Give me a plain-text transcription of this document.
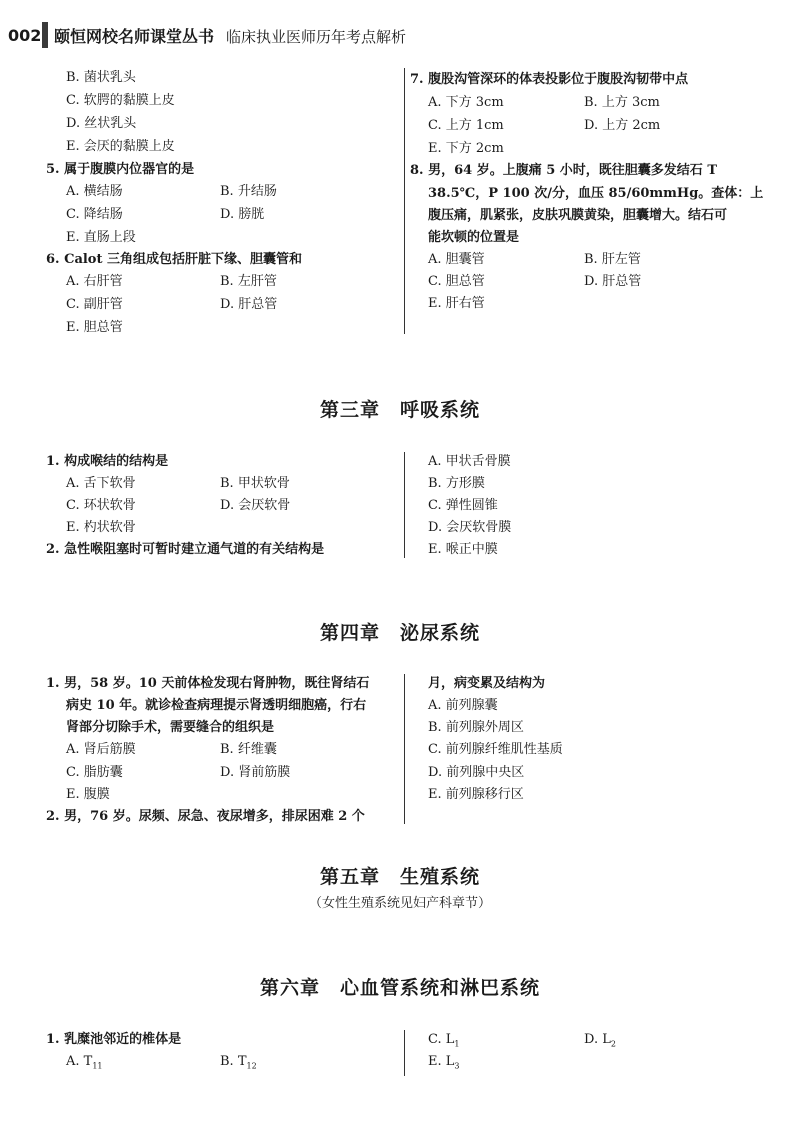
002 颐恒网校名师课堂丛书 临床执业医师历年考点解析
B. 菌状乳头
C. 软腭的黏膜上皮
D. 丝状乳头
E. 会厌的黏膜上皮
5. 属于腹膜内位器官的是
A. 横结肠	B. 升结肠
C. 降结肠	D. 膀胱
E. 直肠上段
6. Calot 三角组成包括肝脏下缘、胆囊管和
A. 右肝管	B. 左肝管
C. 副肝管	D. 肝总管
E. 胆总管
7. 腹股沟管深环的体表投影位于腹股沟韧带中点
A. 下方 3cm	B. 上方 3cm
C. 上方 1cm	D. 上方 2cm
E. 下方 2cm
8. 男，64 岁。上腹痛 5 小时，既往胆囊多发结石 T
38.5℃，P 100 次/分，血压 85/60mmHg。查体：上
腹压痛，肌紧张，皮肤巩膜黄染，胆囊增大。结石可
能坎顿的位置是
A. 胆囊管	B. 肝左管
C. 胆总管	D. 肝总管
E. 肝右管
第三章　呼吸系统
1. 构成喉结的结构是
A. 舌下软骨	B. 甲状软骨
C. 环状软骨	D. 会厌软骨
E. 杓状软骨
2. 急性喉阻塞时可暂时建立通气道的有关结构是
A. 甲状舌骨膜
B. 方形膜
C. 弹性圆锥
D. 会厌软骨膜
E. 喉正中膜
第四章　泌尿系统
1. 男，58 岁。10 天前体检发现右肾肿物，既往肾结石
病史 10 年。就诊检查病理提示肾透明细胞癌，行右
肾部分切除手术，需要缝合的组织是
A. 肾后筋膜	B. 纤维囊
C. 脂肪囊	D. 肾前筋膜
E. 腹膜
2. 男，76 岁。尿频、尿急、夜尿增多，排尿困难 2 个
月，病变累及结构为
A. 前列腺囊
B. 前列腺外周区
C. 前列腺纤维肌性基质
D. 前列腺中央区
E. 前列腺移行区
第五章　生殖系统
（女性生殖系统见妇产科章节）
第六章　心血管系统和淋巴系统
1. 乳糜池邻近的椎体是
A. $T_{11}$	B. $T_{12}$
C. $L_1$	D. $L_2$
E. $L_3$
